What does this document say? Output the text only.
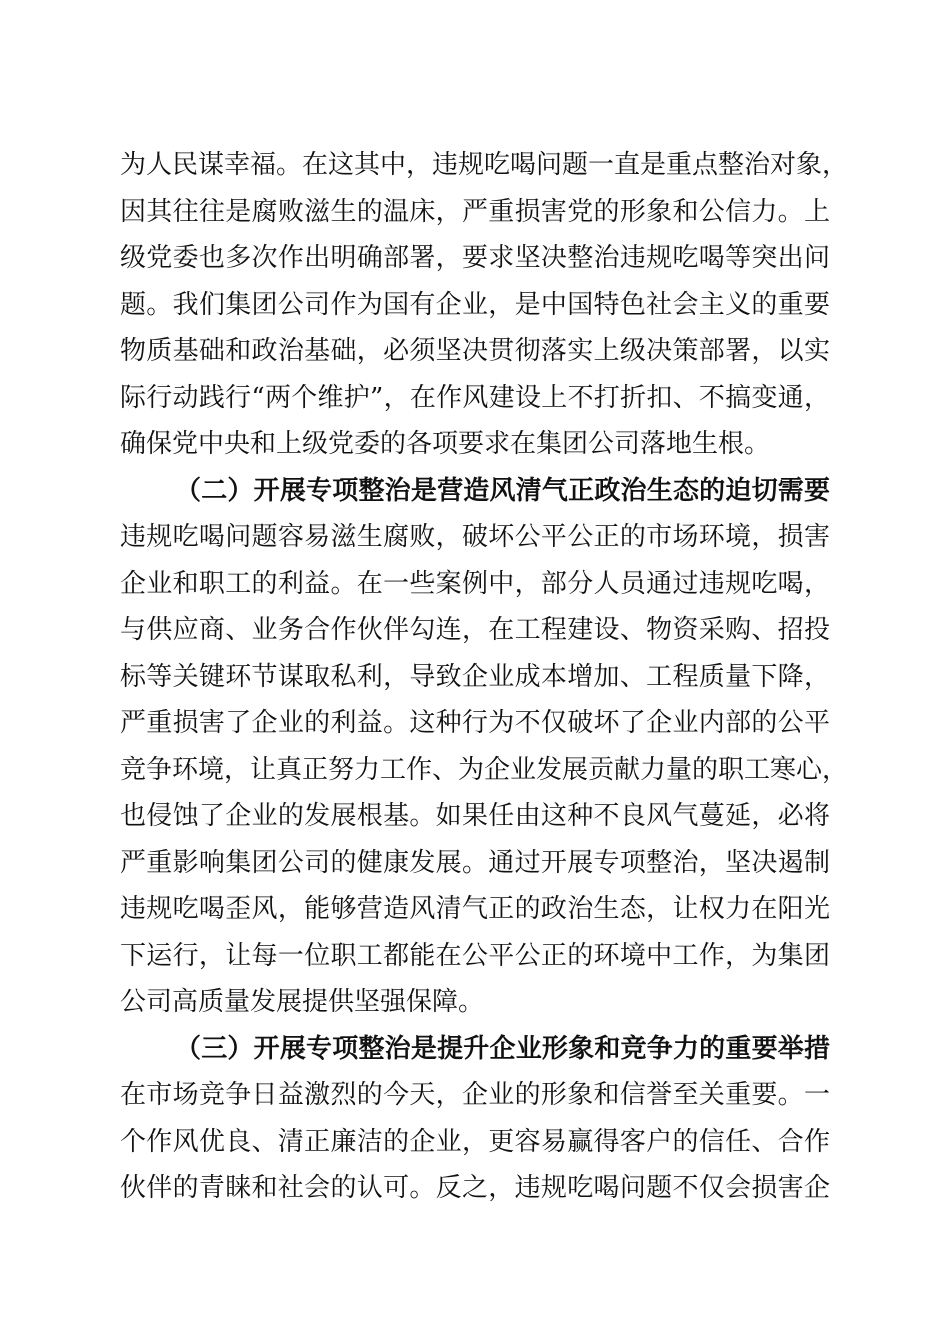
为人民谋幸福。在这其中，违规吃喝问题一直是重点整治对象，
因其往往是腐败滋生的温床，严重损害党的形象和公信力。上
级党委也多次作出明确部署，要求坚决整治违规吃喝等突出问
题。我们集团公司作为国有企业，是中国特色社会主义的重要
物质基础和政治基础，必须坚决贯彻落实上级决策部署，以实
际行动践行“两个维护”，在作风建设上不打折扣、不搞变通，
确保党中央和上级党委的各项要求在集团公司落地生根。
（二）开展专项整治是营造风清气正政治生态的迫切需要
违规吃喝问题容易滋生腐败，破坏公平公正的市场环境，损害
企业和职工的利益。在一些案例中，部分人员通过违规吃喝，
与供应商、业务合作伙伴勾连，在工程建设、物资采购、招投
标等关键环节谋取私利，导致企业成本增加、工程质量下降，
严重损害了企业的利益。这种行为不仅破坏了企业内部的公平
竞争环境，让真正努力工作、为企业发展贡献力量的职工寒心，
也侵蚀了企业的发展根基。如果任由这种不良风气蔓延，必将
严重影响集团公司的健康发展。通过开展专项整治，坚决遏制
违规吃喝歪风，能够营造风清气正的政治生态，让权力在阳光
下运行，让每一位职工都能在公平公正的环境中工作，为集团
公司高质量发展提供坚强保障。
（三）开展专项整治是提升企业形象和竞争力的重要举措
在市场竞争日益激烈的今天，企业的形象和信誉至关重要。一
个作风优良、清正廉洁的企业，更容易赢得客户的信任、合作
伙伴的青睐和社会的认可。反之，违规吃喝问题不仅会损害企
